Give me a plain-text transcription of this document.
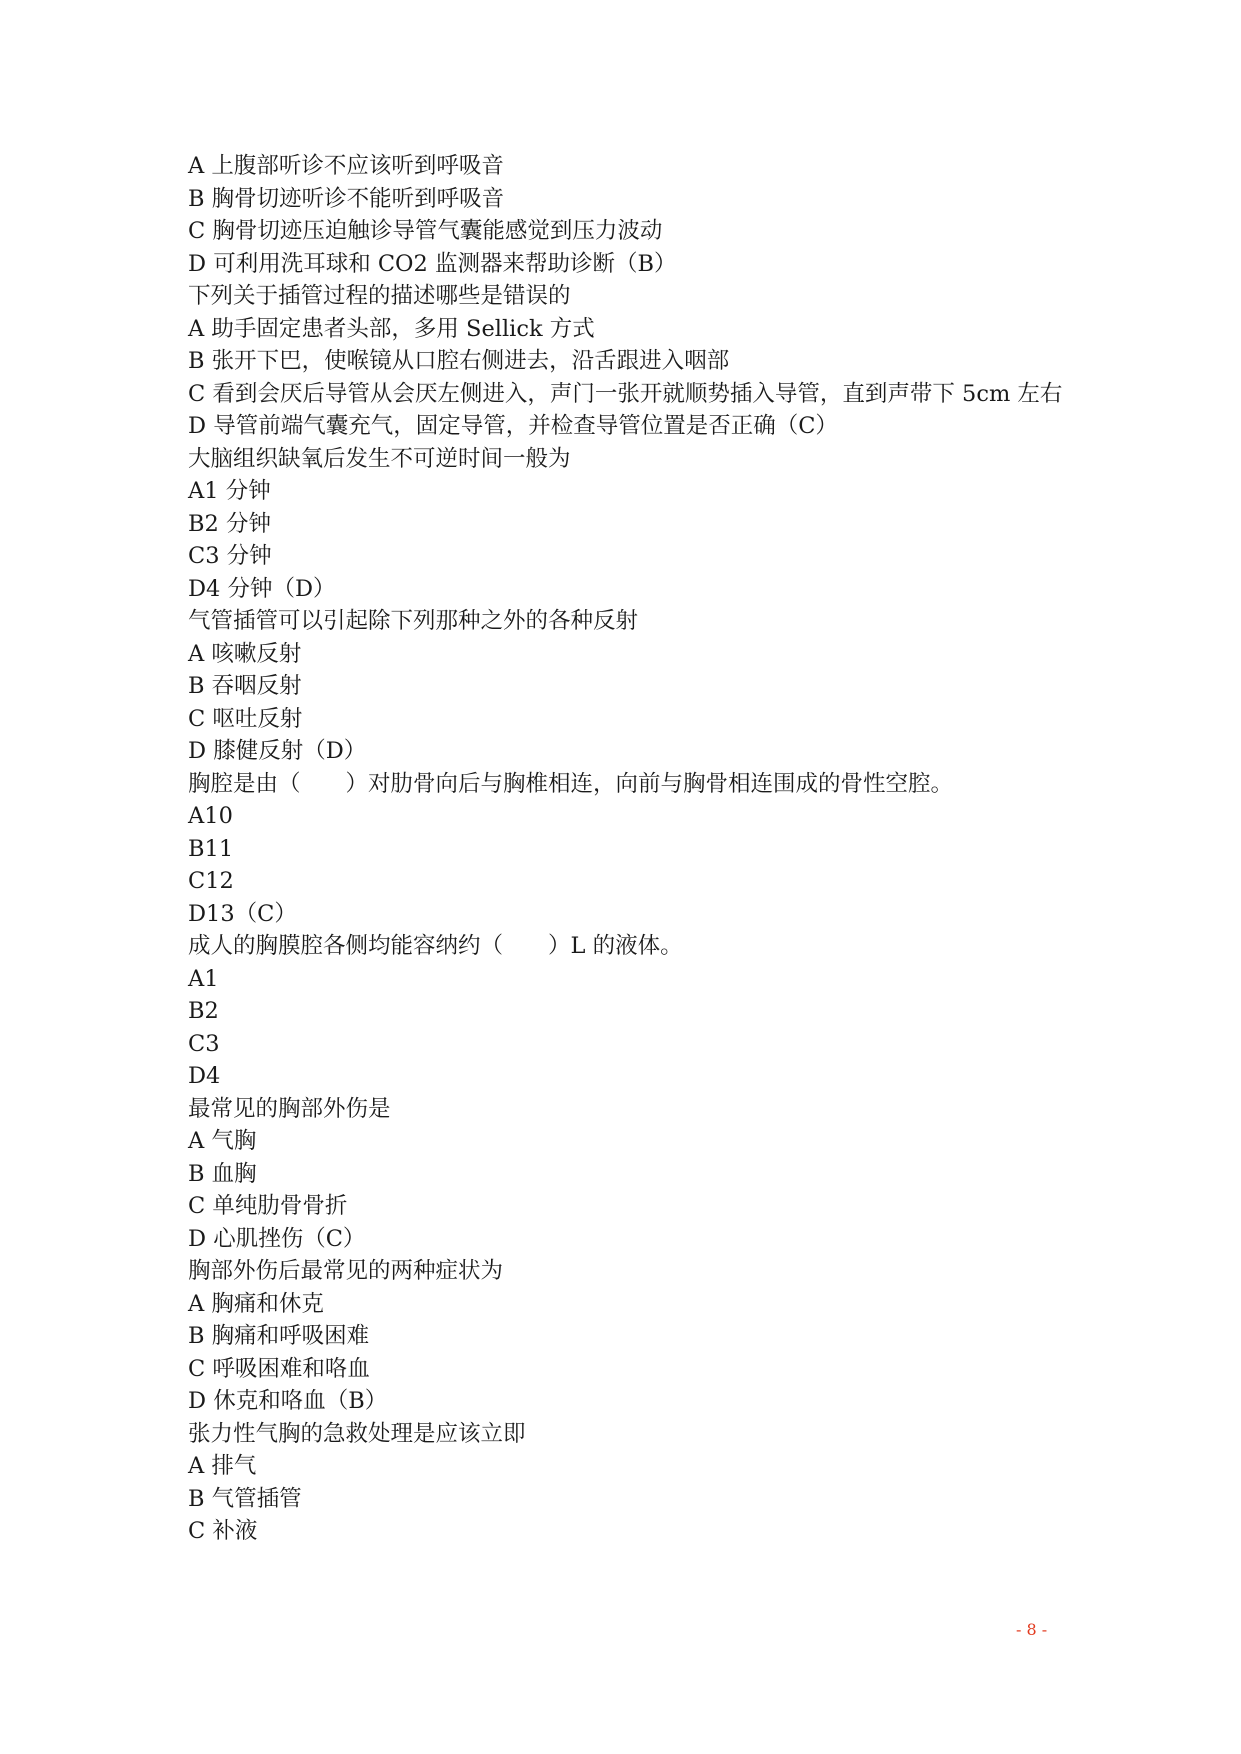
A 上腹部听诊不应该听到呼吸音
B 胸骨切迹听诊不能听到呼吸音
C 胸骨切迹压迫触诊导管气囊能感觉到压力波动
D 可利用洗耳球和 CO2 监测器来帮助诊断（B）
下列关于插管过程的描述哪些是错误的
A 助手固定患者头部，多用 Sellick 方式
B 张开下巴，使喉镜从口腔右侧进去，沿舌跟进入咽部
C 看到会厌后导管从会厌左侧进入，声门一张开就顺势插入导管，直到声带下 5cm 左右
D 导管前端气囊充气，固定导管，并检查导管位置是否正确（C）
大脑组织缺氧后发生不可逆时间一般为
A1 分钟
B2 分钟
C3 分钟
D4 分钟（D）
气管插管可以引起除下列那种之外的各种反射
A 咳嗽反射
B 吞咽反射
C 呕吐反射
D 膝健反射（D）
胸腔是由（　　）对肋骨向后与胸椎相连，向前与胸骨相连围成的骨性空腔。
A10
B11
C12
D13（C）
成人的胸膜腔各侧均能容纳约（　　）L 的液体。
A1
B2
C3
D4
最常见的胸部外伤是
A 气胸
B 血胸
C 单纯肋骨骨折
D 心肌挫伤（C）
胸部外伤后最常见的两种症状为
A 胸痛和休克
B 胸痛和呼吸困难
C 呼吸困难和咯血
D 休克和咯血（B）
张力性气胸的急救处理是应该立即
A 排气
B 气管插管
C 补液
- 8 -
